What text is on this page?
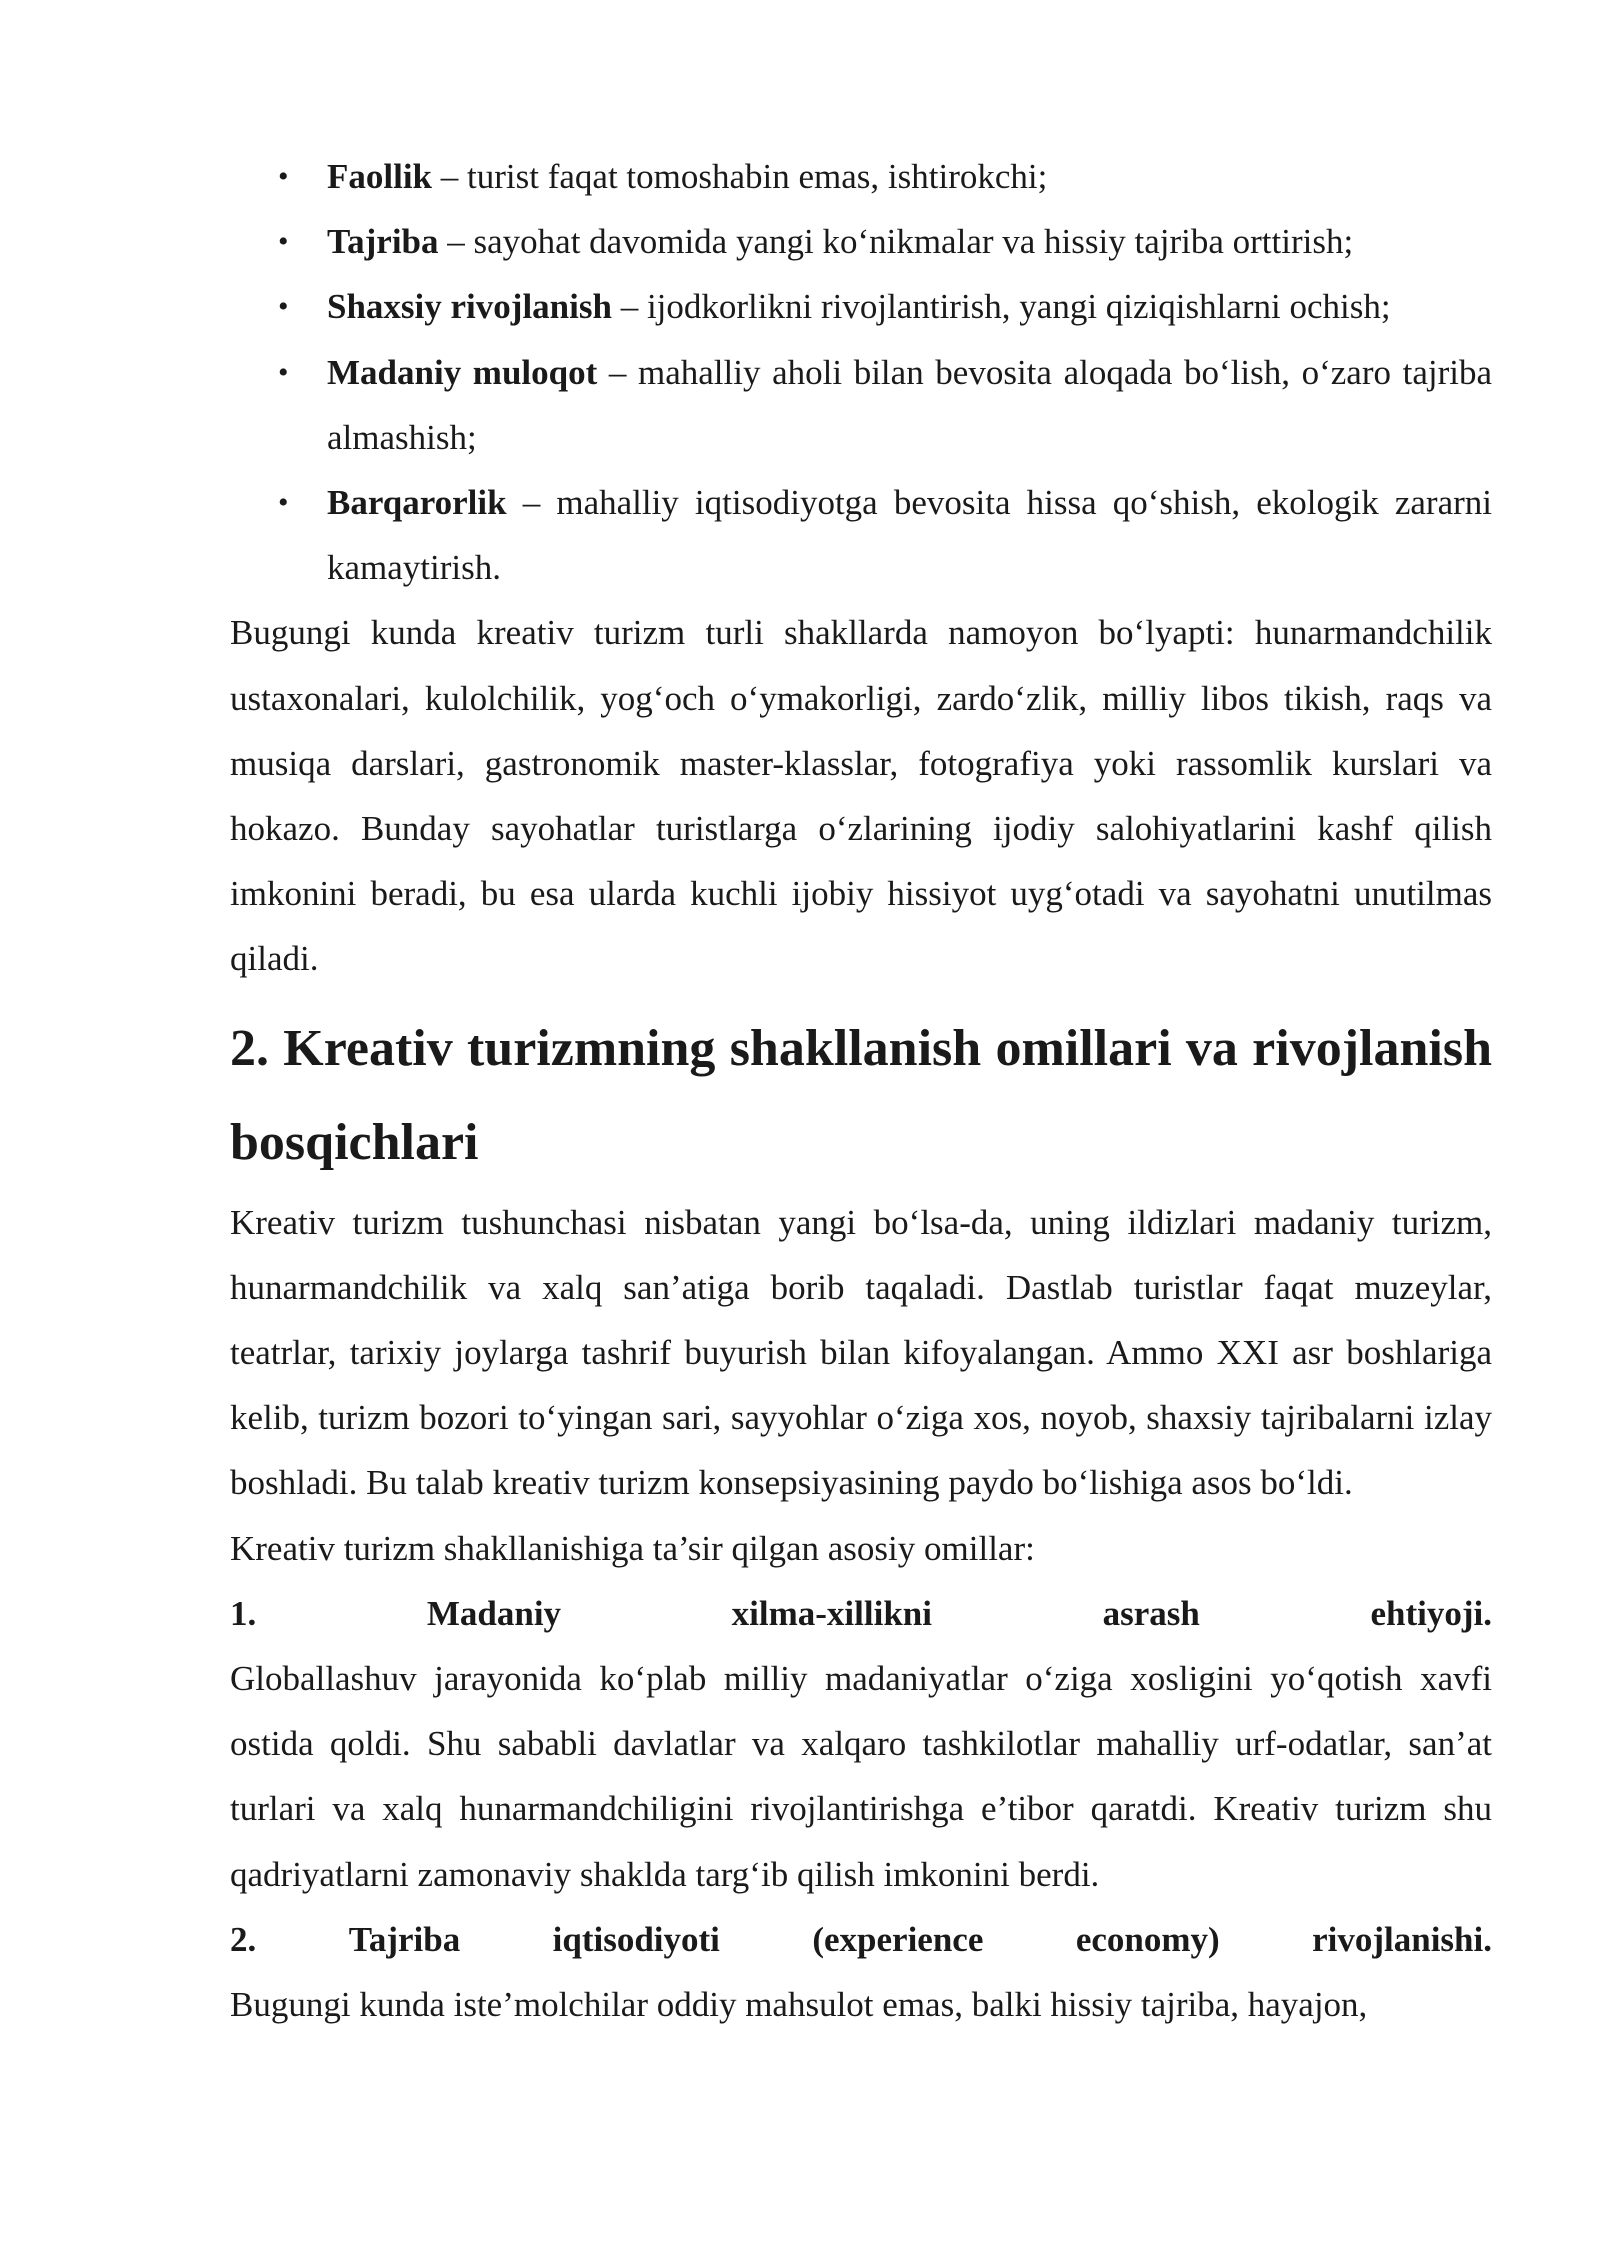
• Faollik – turist faqat tomoshabin emas, ishtirokchi;
• Tajriba – sayohat davomida yangi ko‘nikmalar va hissiy tajriba orttirish;
• Shaxsiy rivojlanish – ijodkorlikni rivojlantirish, yangi qiziqishlarni ochish;
• Madaniy muloqot – mahalliy aholi bilan bevosita aloqada bo‘lish, o‘zaro tajriba almashish;
• Barqarorlik – mahalliy iqtisodiyotga bevosita hissa qo‘shish, ekologik zararni kamaytirish.

Bugungi kunda kreativ turizm turli shakllarda namoyon bo‘lyapti: hunarmandchilik ustaxonalari, kulolchilik, yog‘och o‘ymakorligi, zardo‘zlik, milliy libos tikish, raqs va musiqa darslari, gastronomik master-klasslar, fotografiya yoki rassomlik kurslari va hokazo. Bunday sayohatlar turistlarga o‘zlarining ijodiy salohiyatlarini kashf qilish imkonini beradi, bu esa ularda kuchli ijobiy hissiyot uyg‘otadi va sayohatni unutilmas qiladi.

2. Kreativ turizmning shakllanish omillari va rivojlanish bosqichlari

Kreativ turizm tushunchasi nisbatan yangi bo‘lsa-da, uning ildizlari madaniy turizm, hunarmandchilik va xalq san’atiga borib taqaladi. Dastlab turistlar faqat muzeylar, teatrlar, tarixiy joylarga tashrif buyurish bilan kifoyalangan. Ammo XXI asr boshlariga kelib, turizm bozori to‘yingan sari, sayyohlar o‘ziga xos, noyob, shaxsiy tajribalarni izlay boshladi. Bu talab kreativ turizm konsepsiyasining paydo bo‘lishiga asos bo‘ldi.

Kreativ turizm shakllanishiga ta’sir qilgan asosiy omillar:

1.	Madaniy	xilma-xillikni	asrash	ehtiyoji.

Globallashuv jarayonida ko‘plab milliy madaniyatlar o‘ziga xosligini yo‘qotish xavfi ostida qoldi. Shu sababli davlatlar va xalqaro tashkilotlar mahalliy urf-odatlar, san’at turlari va xalq hunarmandchiligini rivojlantirishga e’tibor qaratdi. Kreativ turizm shu qadriyatlarni zamonaviy shaklda targ‘ib qilish imkonini berdi.

2.	Tajriba	iqtisodiyoti	(experience	economy)	rivojlanishi.

Bugungi kunda iste’molchilar oddiy mahsulot emas, balki hissiy tajriba, hayajon,
